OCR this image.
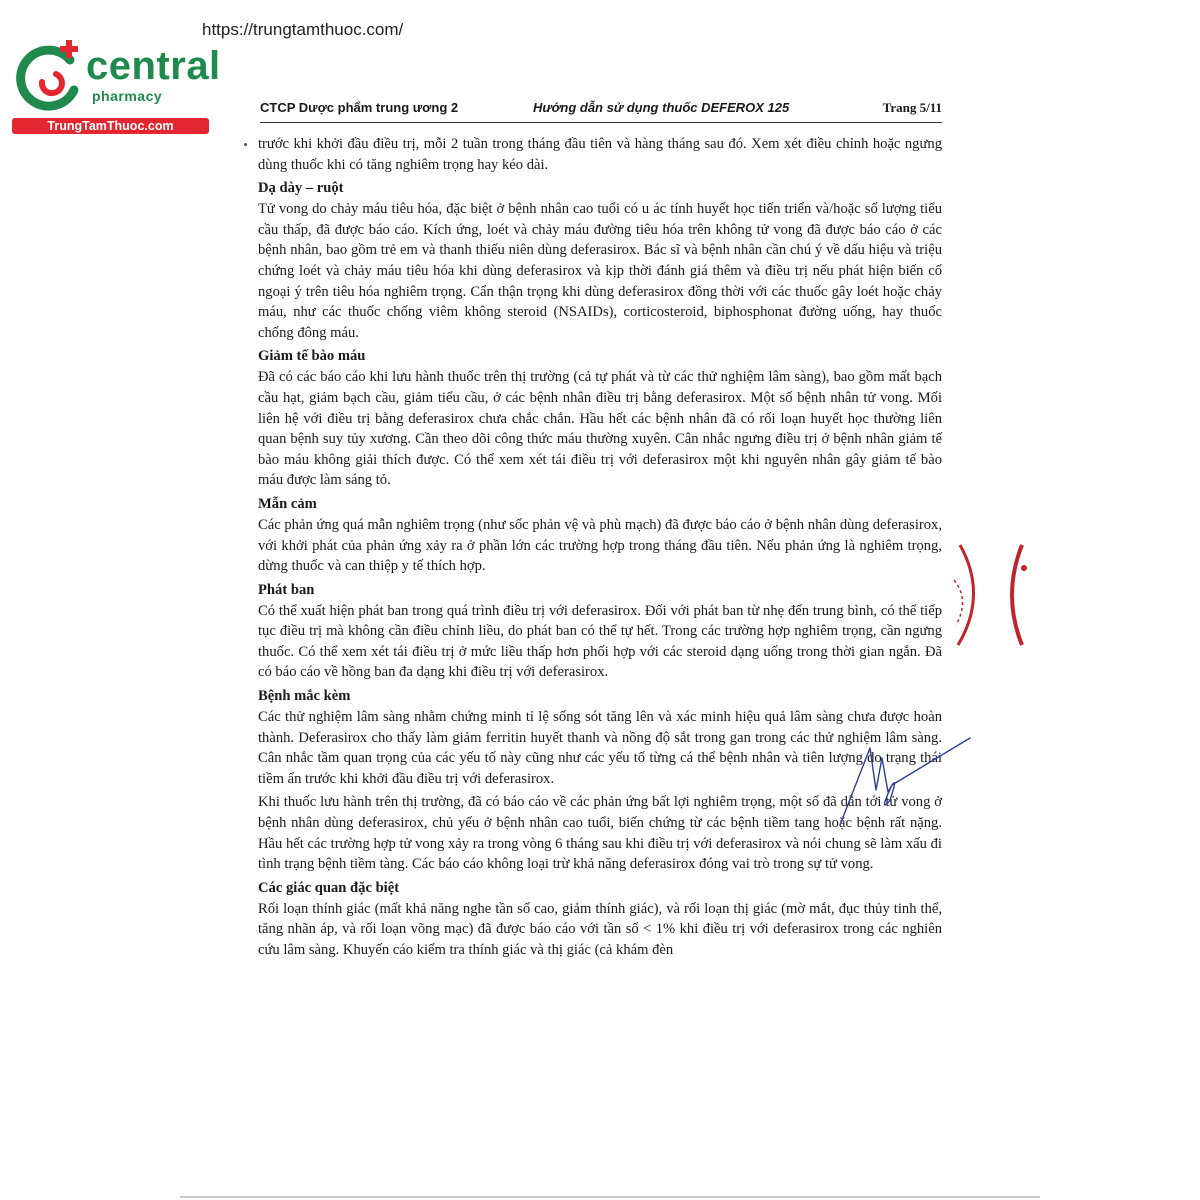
https://trungtamthuoc.com/
central
pharmacy
TrungTamThuoc.com
CTCP Dược phẩm trung ương 2	Hướng dẫn sử dụng thuốc DEFEROX 125	Trang 5/11

trước khi khởi đầu điều trị, mỗi 2 tuần trong tháng đầu tiên và hàng tháng sau đó. Xem xét điều chỉnh hoặc ngưng dùng thuốc khi có tăng nghiêm trọng hay kéo dài.

Dạ dày – ruột

Tử vong do chảy máu tiêu hóa, đặc biệt ở bệnh nhân cao tuổi có u ác tính huyết học tiến triển và/hoặc số lượng tiểu cầu thấp, đã được báo cáo. Kích ứng, loét và chảy máu đường tiêu hóa trên không tử vong đã được báo cáo ở các bệnh nhân, bao gồm trẻ em và thanh thiếu niên dùng deferasirox. Bác sĩ và bệnh nhân cần chú ý về dấu hiệu và triệu chứng loét và chảy máu tiêu hóa khi dùng deferasirox và kịp thời đánh giá thêm và điều trị nếu phát hiện biến cố ngoại ý trên tiêu hóa nghiêm trọng. Cẩn thận trọng khi dùng deferasirox đồng thời với các thuốc gây loét hoặc chảy máu, như các thuốc chống viêm không steroid (NSAIDs), corticosteroid, biphosphonat đường uống, hay thuốc chống đông máu.

Giảm tế bào máu

Đã có các báo cáo khi lưu hành thuốc trên thị trường (cả tự phát và từ các thử nghiệm lâm sàng), bao gồm mất bạch cầu hạt, giảm bạch cầu, giảm tiểu cầu, ở các bệnh nhân điều trị bằng deferasirox. Một số bệnh nhân tử vong. Mối liên hệ với điều trị bằng deferasirox chưa chắc chắn. Hầu hết các bệnh nhân đã có rối loạn huyết học thường liên quan bệnh suy tủy xương. Cần theo dõi công thức máu thường xuyên. Cân nhắc ngưng điều trị ở bệnh nhân giảm tế bào máu không giải thích được. Có thể xem xét tái điều trị với deferasirox một khi nguyên nhân gây giảm tế bào máu được làm sáng tỏ.

Mẫn cảm

Các phản ứng quá mẫn nghiêm trọng (như sốc phản vệ và phù mạch) đã được báo cáo ở bệnh nhân dùng deferasirox, với khởi phát của phản ứng xảy ra ở phần lớn các trường hợp trong tháng đầu tiên. Nếu phản ứng là nghiêm trọng, dừng thuốc và can thiệp y tế thích hợp.

Phát ban

Có thể xuất hiện phát ban trong quá trình điều trị với deferasirox. Đối với phát ban từ nhẹ đến trung bình, có thể tiếp tục điều trị mà không cần điều chỉnh liều, do phát ban có thể tự hết. Trong các trường hợp nghiêm trọng, cần ngưng thuốc. Có thể xem xét tái điều trị ở mức liều thấp hơn phối hợp với các steroid dạng uống trong thời gian ngắn. Đã có báo cáo về hồng ban đa dạng khi điều trị với deferasirox.

Bệnh mắc kèm

Các thử nghiệm lâm sàng nhằm chứng minh tỉ lệ sống sót tăng lên và xác minh hiệu quả lâm sàng chưa được hoàn thành. Deferasirox cho thấy làm giảm ferritin huyết thanh và nồng độ sắt trong gan trong các thử nghiệm lâm sàng. Cân nhắc tầm quan trọng của các yếu tố này cũng như các yếu tố từng cá thể bệnh nhân và tiên lượng do trạng thái tiềm ẩn trước khi khởi đầu điều trị với deferasirox.

Khi thuốc lưu hành trên thị trường, đã có báo cáo về các phản ứng bất lợi nghiêm trọng, một số đã dẫn tới tử vong ở bệnh nhân dùng deferasirox, chủ yếu ở bệnh nhân cao tuổi, biến chứng từ các bệnh tiềm tang hoặc bệnh rất nặng. Hầu hết các trường hợp tử vong xảy ra trong vòng 6 tháng sau khi điều trị với deferasirox và nói chung sẽ làm xấu đi tình trạng bệnh tiềm tàng. Các báo cáo không loại trừ khả năng deferasirox đóng vai trò trong sự tử vong.

Các giác quan đặc biệt

Rối loạn thính giác (mất khả năng nghe tần số cao, giảm thính giác), và rối loạn thị giác (mờ mắt, đục thủy tinh thể, tăng nhãn áp, và rối loạn võng mạc) đã được báo cáo với tần số < 1% khi điều trị với deferasirox trong các nghiên cứu lâm sàng. Khuyến cáo kiểm tra thính giác và thị giác (cả khám đèn
